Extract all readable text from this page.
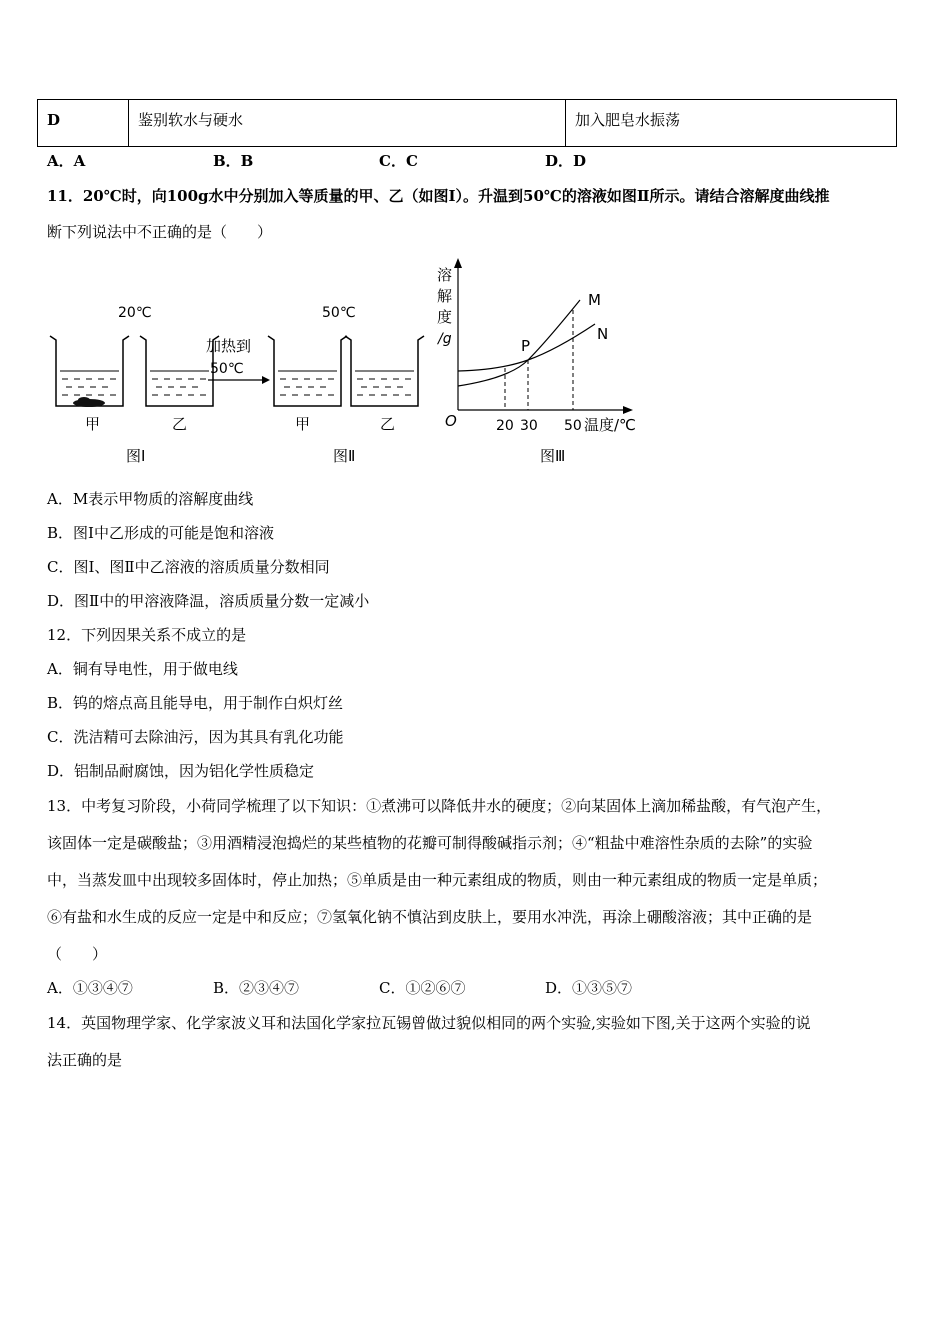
D	鉴别软水与硬水	加入肥皂水振荡
A．A	B．B	C．C	D．D
11．20℃时，向100g水中分别加入等质量的甲、乙（如图I）。升温到50℃的溶液如图Ⅱ所示。请结合溶解度曲线推
断下列说法中不正确的是（　　）
20℃	50℃
加热到
50℃
甲	乙	甲	乙
图I	图Ⅱ	图Ⅲ
溶
解
度
/g
O
M
N
P
20 30 50 温度/℃
A．M表示甲物质的溶解度曲线
B．图I中乙形成的可能是饱和溶液
C．图Ⅰ、图Ⅱ中乙溶液的溶质质量分数相同
D．图Ⅱ中的甲溶液降温，溶质质量分数一定减小
12．下列因果关系不成立的是
A．铜有导电性，用于做电线
B．钨的熔点高且能导电，用于制作白炽灯丝
C．洗洁精可去除油污，因为其具有乳化功能
D．铝制品耐腐蚀，因为铝化学性质稳定
13．中考复习阶段，小荷同学梳理了以下知识：①煮沸可以降低井水的硬度；②向某固体上滴加稀盐酸，有气泡产生，
该固体一定是碳酸盐；③用酒精浸泡捣烂的某些植物的花瓣可制得酸碱指示剂；④“粗盐中难溶性杂质的去除”的实验
中，当蒸发皿中出现较多固体时，停止加热；⑤单质是由一种元素组成的物质，则由一种元素组成的物质一定是单质；
⑥有盐和水生成的反应一定是中和反应；⑦氢氧化钠不慎沾到皮肤上，要用水冲洗，再涂上硼酸溶液；其中正确的是
（　　）
A．①③④⑦	B．②③④⑦	C．①②⑥⑦	D．①③⑤⑦
14．英国物理学家、化学家波义耳和法国化学家拉瓦锡曾做过貌似相同的两个实验,实验如下图,关于这两个实验的说
法正确的是
